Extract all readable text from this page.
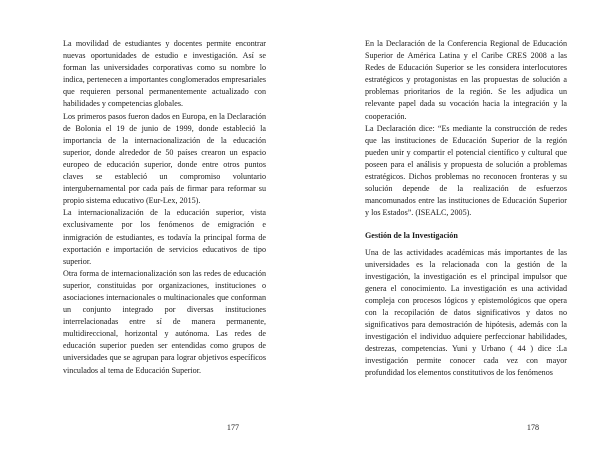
La movilidad de estudiantes y docentes permite encontrar nuevas oportunidades de estudio e investigación. Así se forman las universidades corporativas como su nombre lo indica, pertenecen a importantes conglomerados empresariales que requieren personal permanentemente actualizado con habilidades y competencias globales.

Los primeros pasos fueron dados en Europa, en la Declaración de Bolonia el 19 de junio de 1999, donde estableció la importancia de la internacionalización de la educación superior, donde alrededor de 50 países crearon un espacio europeo de educación superior, donde entre otros puntos claves se estableció un compromiso voluntario intergubernamental por cada país de firmar para reformar su propio sistema educativo (Eur-Lex, 2015).

La internacionalización de la educación superior, vista exclusivamente por los fenómenos de emigración e inmigración de estudiantes, es todavía la principal forma de exportación e importación de servicios educativos de tipo superior.

Otra forma de internacionalización son las redes de educación superior, constituidas por organizaciones, instituciones o asociaciones internacionales o multinacionales que conforman un conjunto integrado por diversas instituciones interrelacionadas entre sí de manera permanente, multidireccional, horizontal y autónoma. Las redes de educación superior pueden ser entendidas como grupos de universidades que se agrupan para lograr objetivos específicos vinculados al tema de Educación Superior.

177

En la Declaración de la Conferencia Regional de Educación Superior de América Latina y el Caribe CRES 2008 a las Redes de Educación Superior se les considera interlocutores estratégicos y protagonistas en las propuestas de solución a problemas prioritarios de la región. Se les adjudica un relevante papel dada su vocación hacia la integración y la cooperación.

La Declaración dice: “Es mediante la construcción de redes que las instituciones de Educación Superior de la región pueden unir y compartir el potencial científico y cultural que poseen para el análisis y propuesta de solución a problemas estratégicos. Dichos problemas no reconocen fronteras y su solución depende de la realización de esfuerzos mancomunados entre las instituciones de Educación Superior y los Estados”. (ISEALC, 2005).

Gestión de la Investigación

Una de las actividades académicas más importantes de las universidades es la relacionada con la gestión de la investigación, la investigación es el principal impulsor que genera el conocimiento. La investigación es una actividad compleja con procesos lógicos y epistemológicos que opera con la recopilación de datos significativos y datos no significativos para demostración de hipótesis, además con la investigación el individuo adquiere perfeccionar habilidades, destrezas, competencias. Yuni y Urbano ( 44 ) dice :La investigación permite conocer cada vez con mayor profundidad los elementos constitutivos de los fenómenos

178
